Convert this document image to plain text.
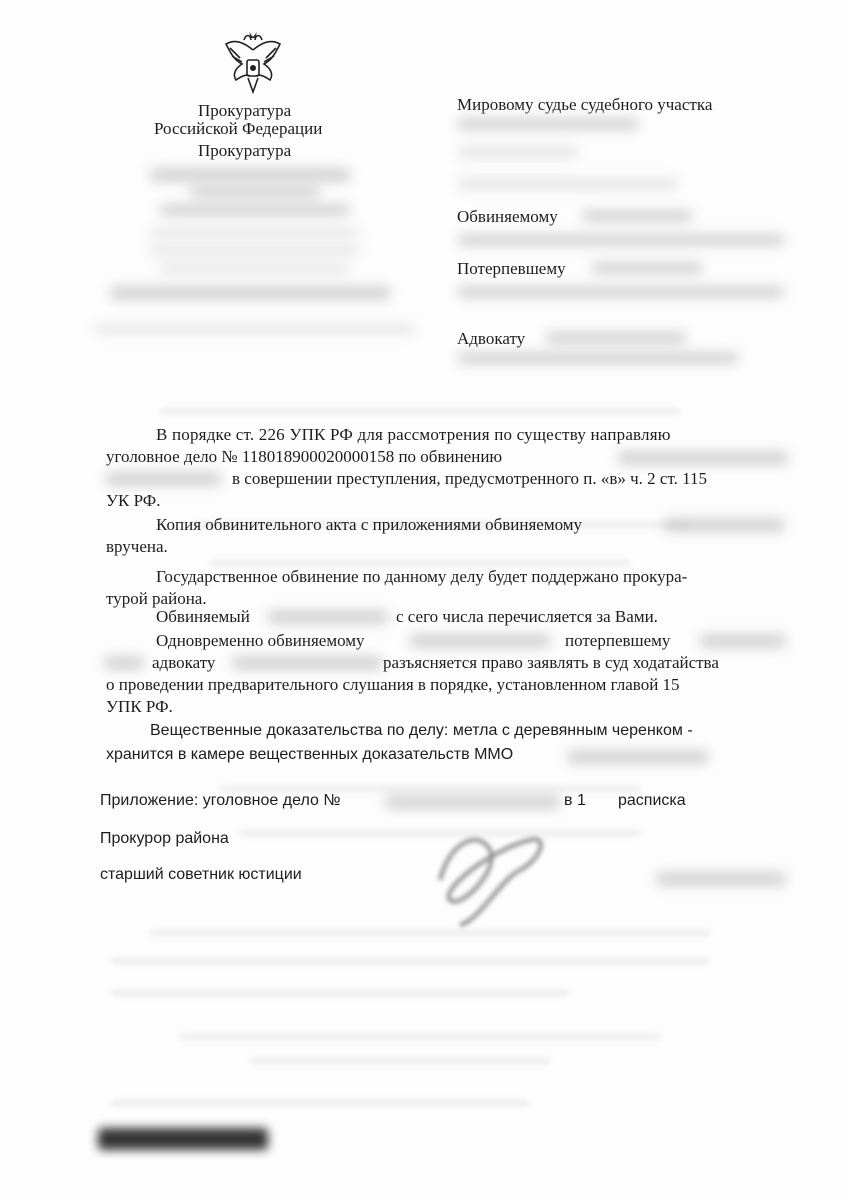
Прокуратура
Российской Федерации
Прокуратура
Мировому судье судебного участка
Обвиняемому
Потерпевшему
Адвокату
В порядке ст. 226 УПК РФ для рассмотрения по существу направляю
уголовное дело № 11801890002000015​8 по обвинению
в совершении преступления, предусмотренного п. «в» ч. 2 ст. 115
УК РФ.
Копия обвинительного акта с приложениями обвиняемому
вручена.
Государственное обвинение по данному делу будет поддержано прокура-
турой района.
Обвиняемый	с сего числа перечисляется за Вами.
Одновременно обвиняемому	потерпевшему
адвокату	разъясняется право заявлять в суд ходатайства
о проведении предварительного слушания в порядке, установленном главой 15
УПК РФ.
Вещественные доказательства по делу: метла с деревянным черенком -
хранится в камере вещественных доказательств ММО
Приложение: уголовное дело №	в 1 расписка
Прокурор района
старший советник юстиции
